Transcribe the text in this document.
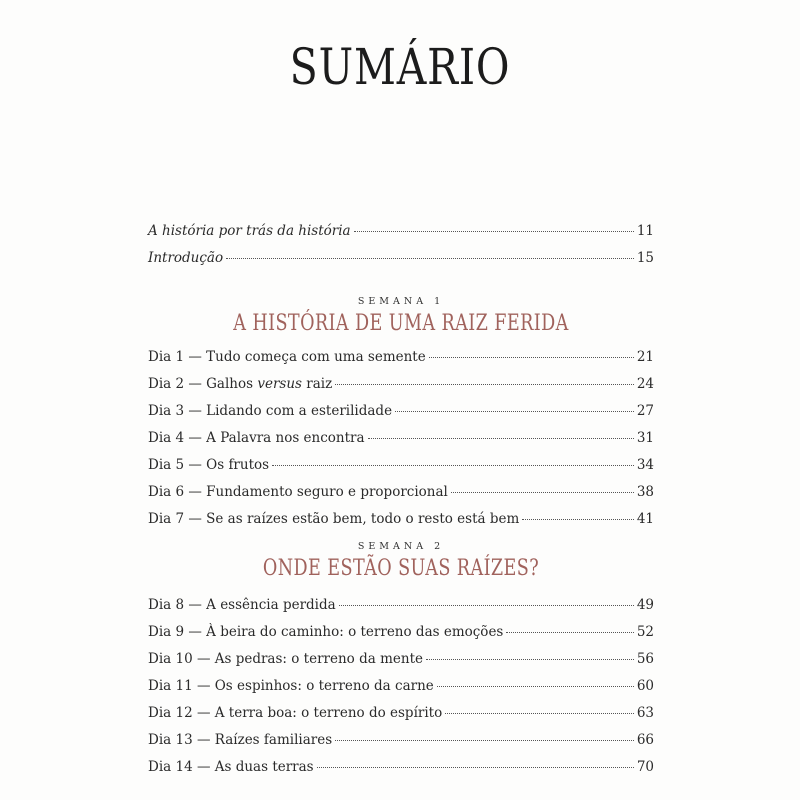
SUMÁRIO
A história por trás da história	11
Introdução	15
SEMANA 1
A HISTÓRIA DE UMA RAIZ FERIDA
Dia 1 — Tudo começa com uma semente	21
Dia 2 — Galhos versus raiz	24
Dia 3 — Lidando com a esterilidade	27
Dia 4 — A Palavra nos encontra	31
Dia 5 — Os frutos	34
Dia 6 — Fundamento seguro e proporcional	38
Dia 7 — Se as raízes estão bem, todo o resto está bem	41
SEMANA 2
ONDE ESTÃO SUAS RAÍZES?
Dia 8 — A essência perdida	49
Dia 9 — À beira do caminho: o terreno das emoções	52
Dia 10 — As pedras: o terreno da mente	56
Dia 11 — Os espinhos: o terreno da carne	60
Dia 12 — A terra boa: o terreno do espírito	63
Dia 13 — Raízes familiares	66
Dia 14 — As duas terras	70
